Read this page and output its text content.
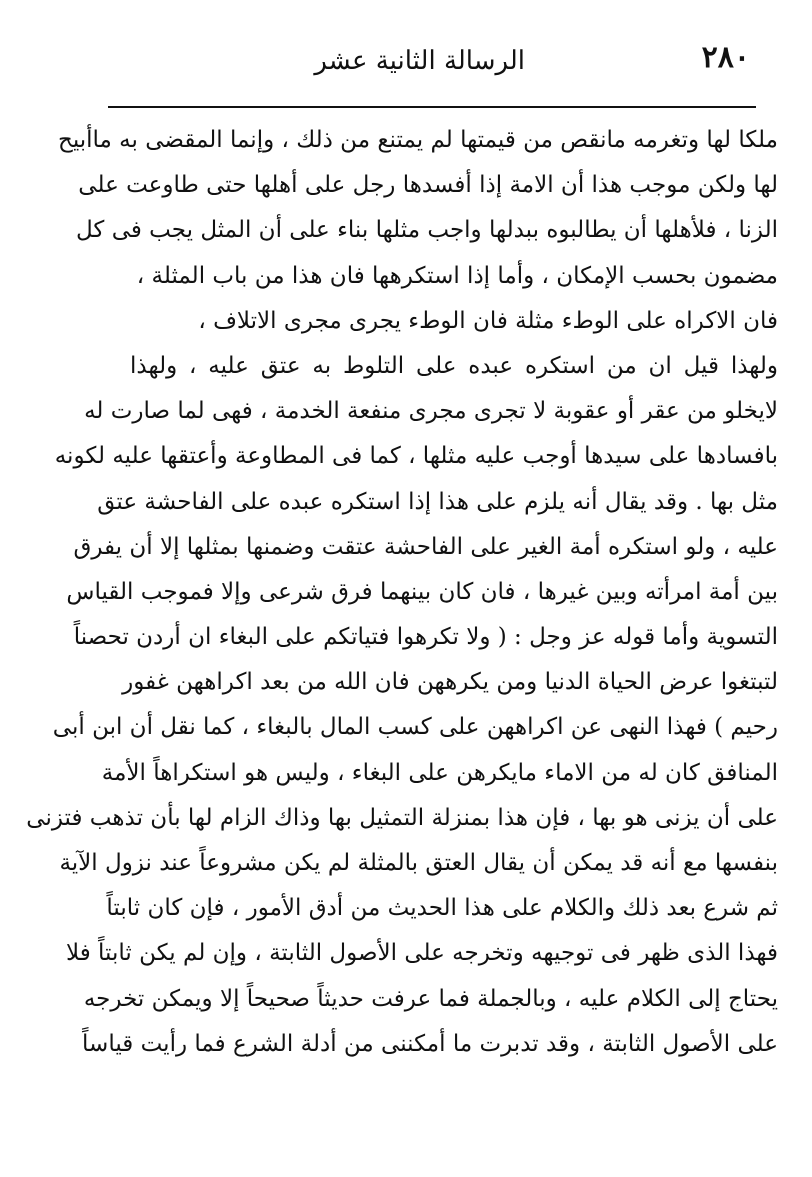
٢٨٠
الرسالة الثانية عشر
ملكا لها وتغرمه مانقص من قيمتها لم يمتنع من ذلك ، وإنما المقضى به ماأبيح
لها ولكن موجب هذا أن الامة إذا أفسدها رجل على أهلها حتى طاوعت على
الزنا ، فلأهلها أن يطالبوه ببدلها واجب مثلها بناء على أن المثل يجب فى كل
مضمون بحسب الإمكان ، وأما إذا استكرهها فان هذا من باب المثلة ،
فان الاكراه على الوطء مثلة فان الوطء يجرى مجرى الاتلاف ،
ولهذا قيل ان من استكره عبده على التلوط به عتق عليه ، ولهذا
لايخلو من عقر أو عقوبة لا تجرى مجرى منفعة الخدمة ، فهى لما صارت له
بافسادها على سيدها أوجب عليه مثلها ، كما فى المطاوعة وأعتقها عليه لكونه
مثل بها . وقد يقال أنه يلزم على هذا إذا استكره عبده على الفاحشة عتق
عليه ، ولو استكره أمة الغير على الفاحشة عتقت وضمنها بمثلها إلا أن يفرق
بين أمة امرأته وبين غيرها ، فان كان بينهما فرق شرعى وإلا فموجب القياس
التسوية وأما قوله عز وجل : ( ولا تكرهوا فتياتكم على البغاء ان أردن تحصناً
لتبتغوا عرض الحياة الدنيا ومن يكرههن فان الله من بعد اكراههن غفور
رحيم ) فهذا النهى عن اكراههن على كسب المال بالبغاء ، كما نقل أن ابن أبى
المنافق كان له من الاماء مايكرهن على البغاء ، وليس هو استكراهاً الأمة
على أن يزنى هو بها ، فإن هذا بمنزلة التمثيل بها وذاك الزام لها بأن تذهب فتزنى
بنفسها مع أنه قد يمكن أن يقال العتق بالمثلة لم يكن مشروعاً عند نزول الآية
ثم شرع بعد ذلك والكلام على هذا الحديث من أدق الأمور ، فإن كان ثابتاً
فهذا الذى ظهر فى توجيهه وتخرجه على الأصول الثابتة ، وإن لم يكن ثابتاً فلا
يحتاج إلى الكلام عليه ، وبالجملة فما عرفت حديثاً صحيحاً إلا ويمكن تخرجه
على الأصول الثابتة ، وقد تدبرت ما أمكننى من أدلة الشرع فما رأيت قياساً
